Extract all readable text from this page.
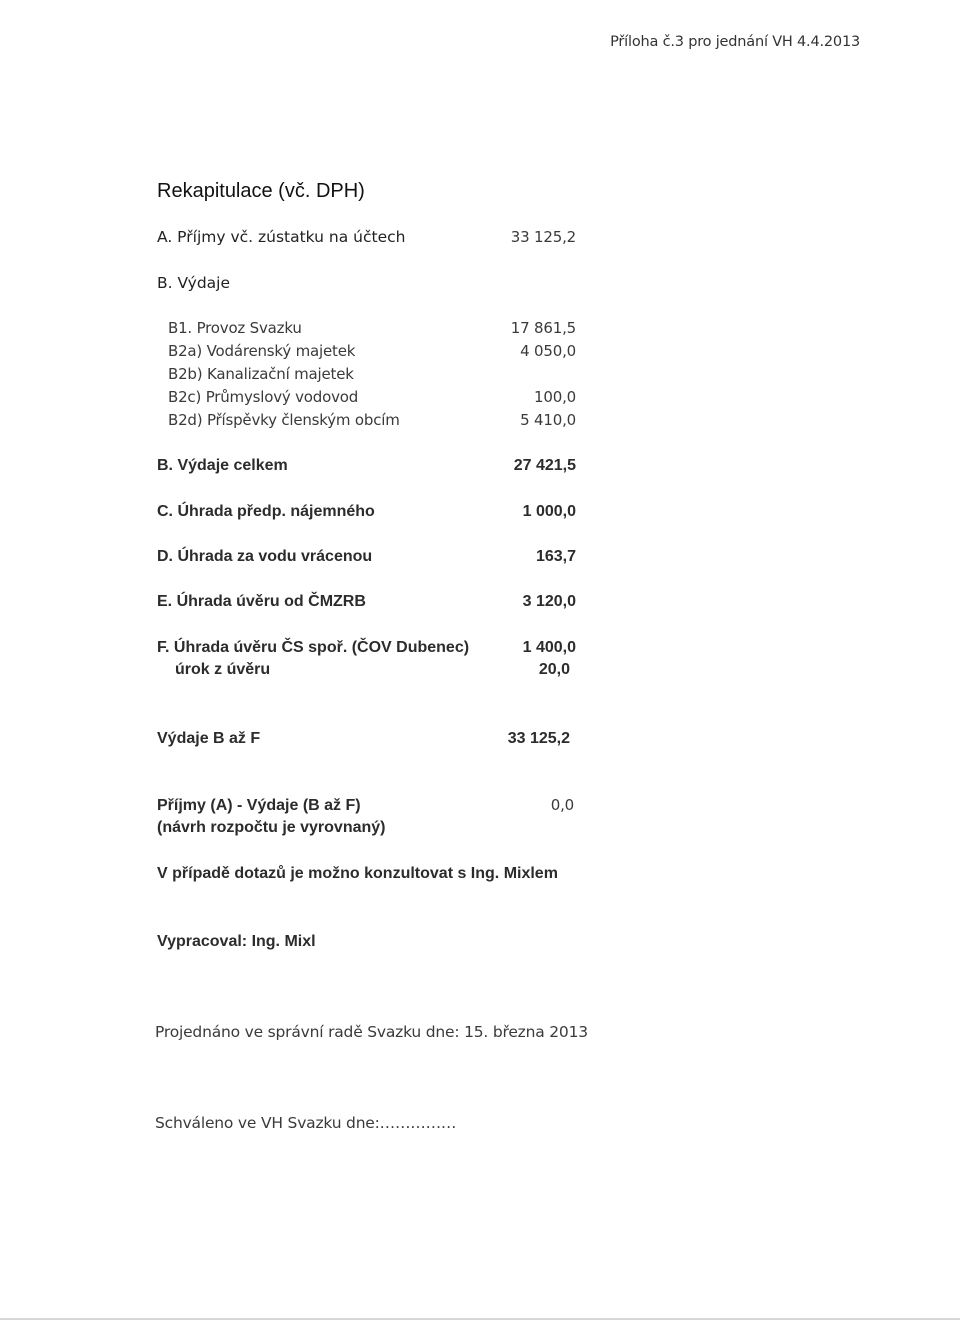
Příloha č.3 pro jednání VH 4.4.2013
Rekapitulace (vč. DPH)
A. Příjmy vč. zústatku na účtech	33 125,2
B. Výdaje
B1. Provoz Svazku	17 861,5
B2a) Vodárenský majetek	4 050,0
B2b) Kanalizační majetek
B2c) Průmyslový vodovod	100,0
B2d) Příspěvky členským obcím	5 410,0
B. Výdaje celkem	27 421,5
C. Úhrada předp. nájemného	1 000,0
D. Úhrada za vodu vrácenou	163,7
E. Úhrada úvěru od ČMZRB	3 120,0
F. Úhrada úvěru ČS spoř. (ČOV Dubenec)	1 400,0
úrok z úvěru	20,0
Výdaje B až F	33 125,2
Příjmy (A) - Výdaje (B až F)	0,0
(návrh rozpočtu je vyrovnaný)
V případě dotazů je možno konzultovat s Ing. Mixlem
Vypracoval: Ing. Mixl
Projednáno ve správní radě Svazku dne: 15. března 2013
Schváleno ve VH Svazku dne:……………
